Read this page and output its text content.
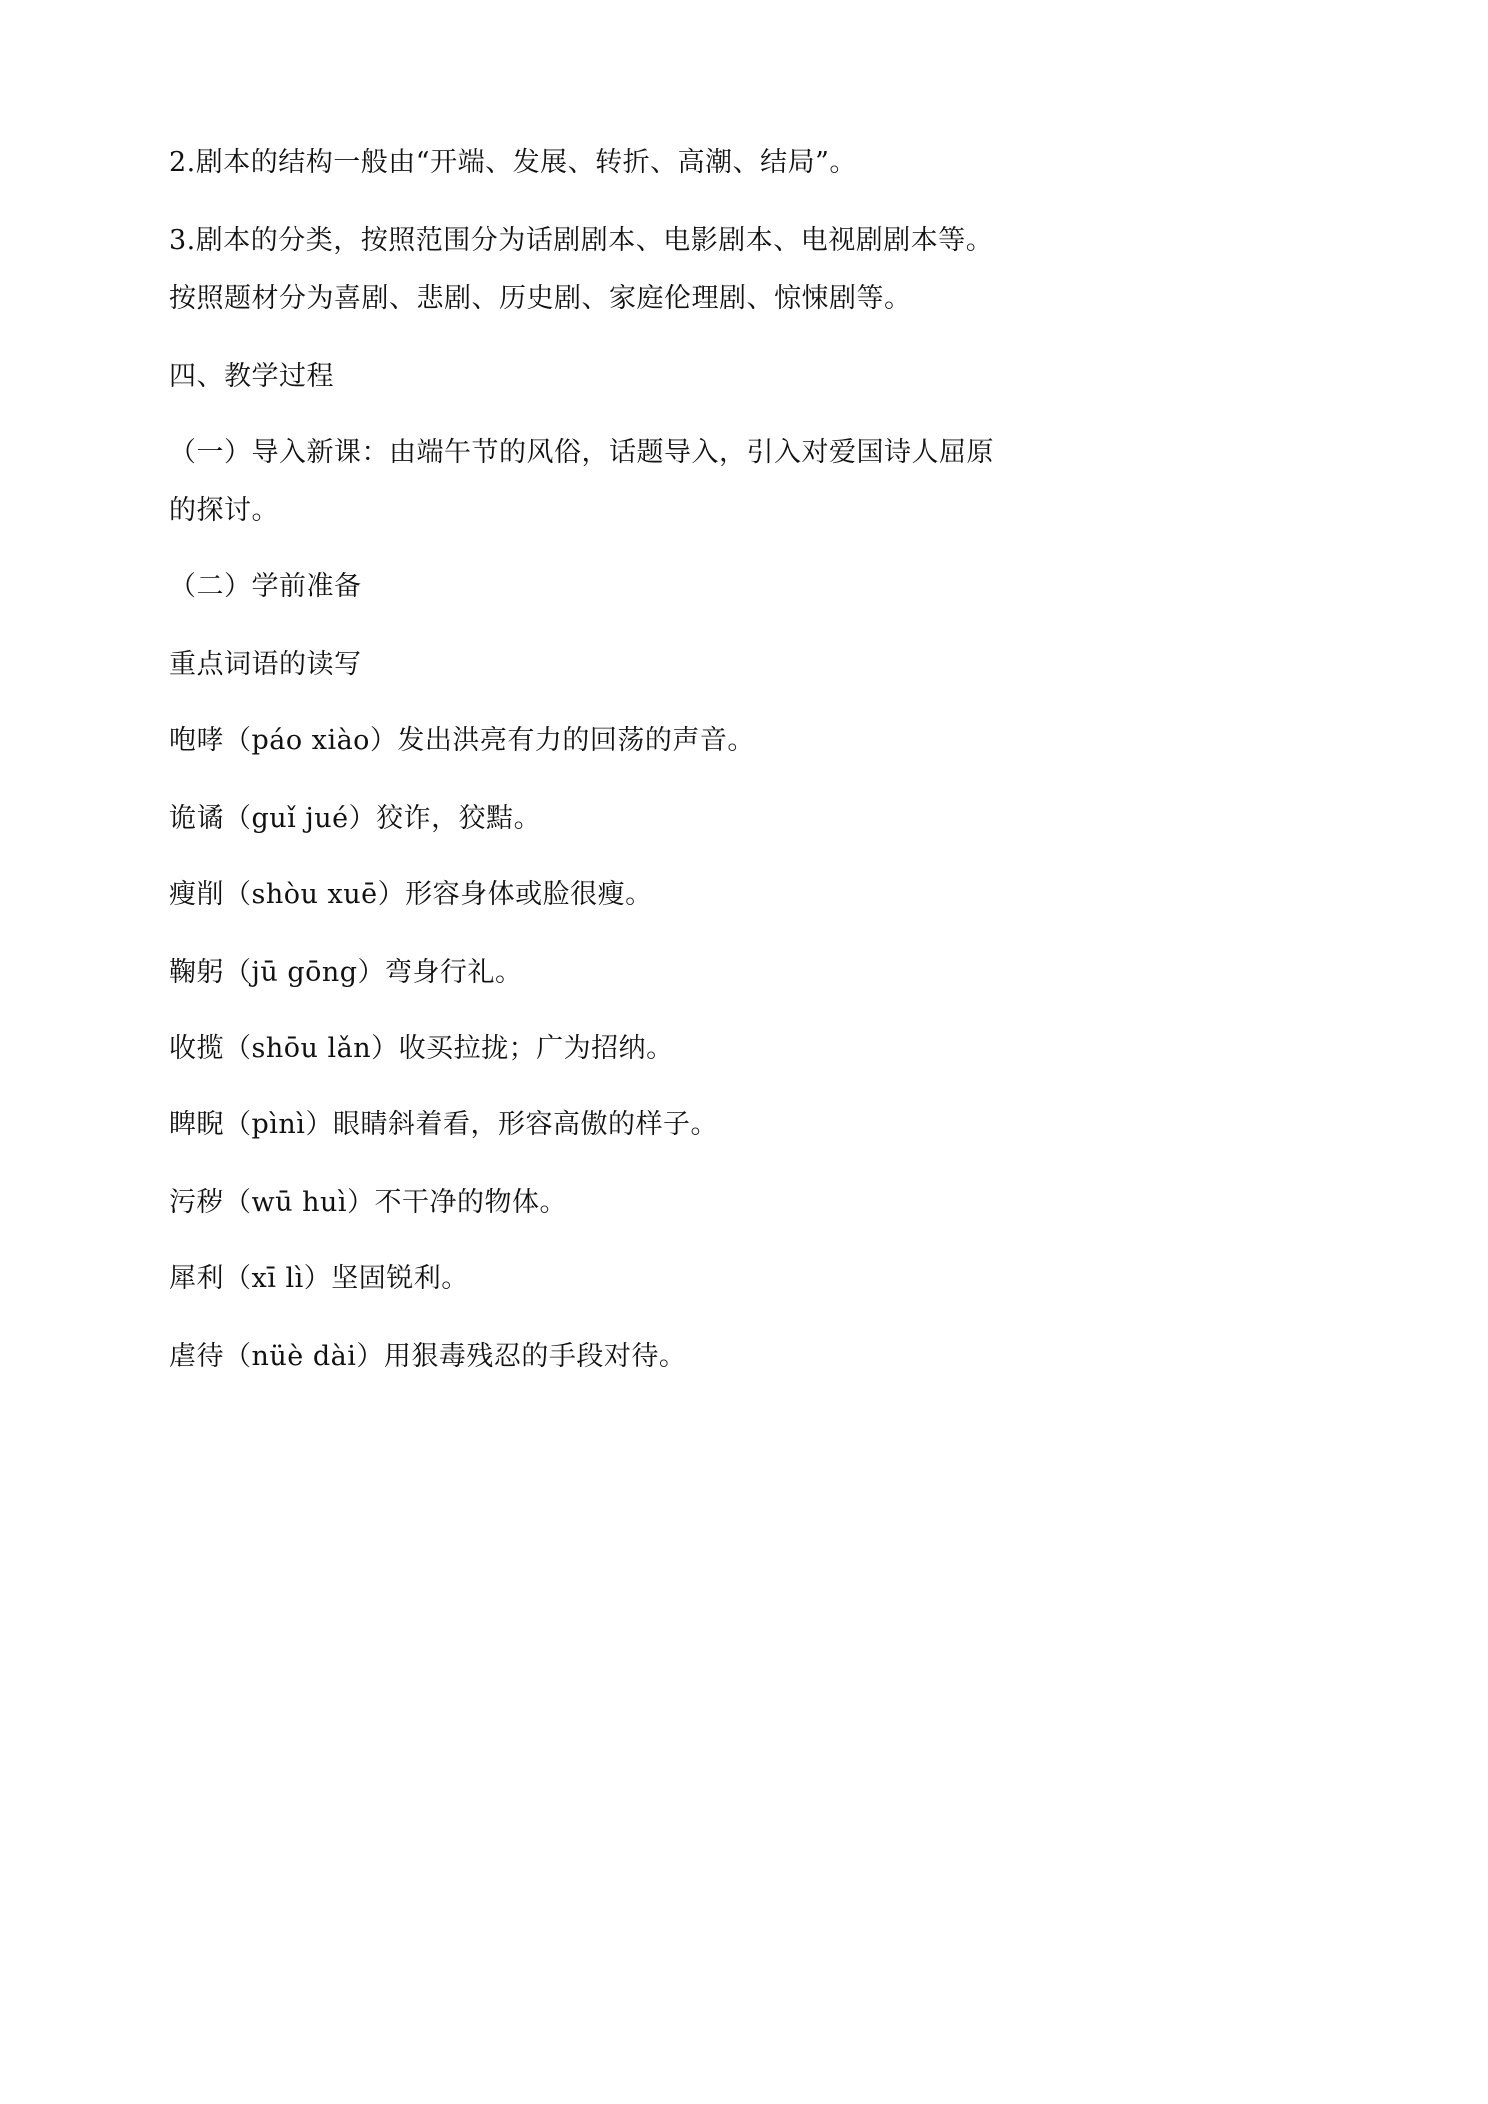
2.剧本的结构一般由“开端、发展、转折、高潮、结局”。
3.剧本的分类，按照范围分为话剧剧本、电影剧本、电视剧剧本等。
按照题材分为喜剧、悲剧、历史剧、家庭伦理剧、惊悚剧等。
四、教学过程
（一）导入新课：由端午节的风俗，话题导入，引入对爱国诗人屈原
的探讨。
（二）学前准备
重点词语的读写
咆哮（páo xiào）发出洪亮有力的回荡的声音。
诡谲（guǐ jué）狡诈，狡黠。
瘦削（shòu xuē）形容身体或脸很瘦。
鞠躬（jū gōng）弯身行礼。
收揽（shōu lǎn）收买拉拢；广为招纳。
睥睨（pìnì）眼睛斜着看，形容高傲的样子。
污秽（wū huì）不干净的物体。
犀利（xī lì）坚固锐利。
虐待（nüè dài）用狠毒残忍的手段对待。
